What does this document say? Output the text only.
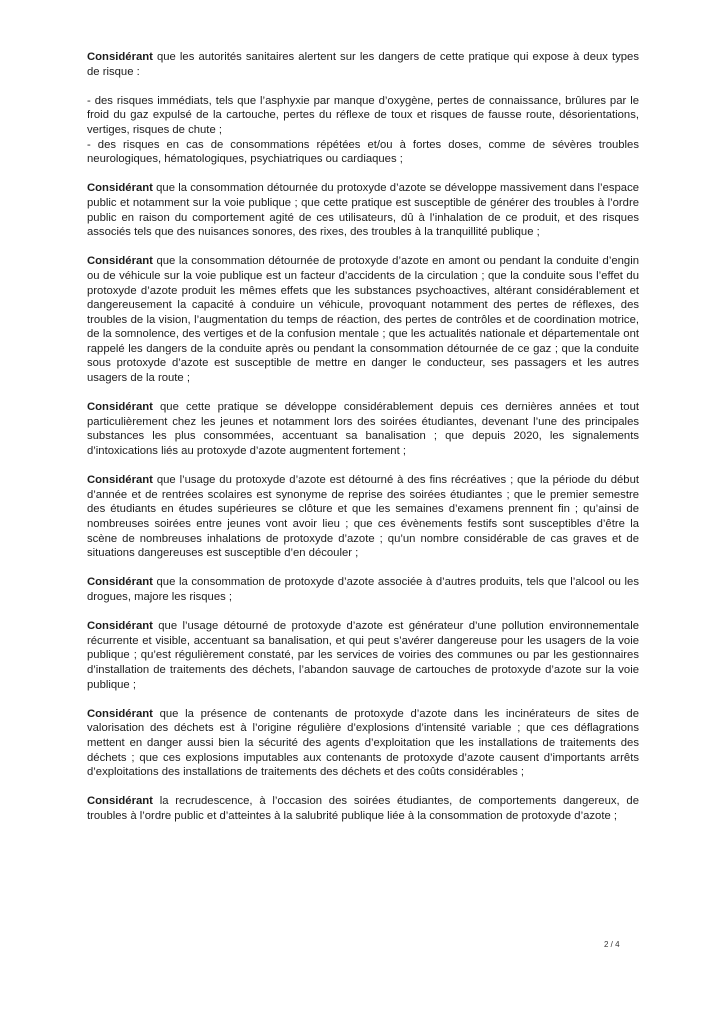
Considérant que les autorités sanitaires alertent sur les dangers de cette pratique qui expose à deux types de risque :

- des risques immédiats, tels que l’asphyxie par manque d’oxygène, pertes de connaissance, brûlures par le froid du gaz expulsé de la cartouche, pertes du réflexe de toux et risques de fausse route, désorientations, vertiges, risques de chute ;

- des risques en cas de consommations répétées et/ou à fortes doses, comme de sévères troubles neurologiques, hématologiques, psychiatriques ou cardiaques ;

Considérant que la consommation détournée du protoxyde d’azote se développe massivement dans l’espace public et notamment sur la voie publique ; que cette pratique est susceptible de générer des troubles à l’ordre public en raison du comportement agité de ces utilisateurs, dû à l’inhalation de ce produit, et des risques associés tels que des nuisances sonores, des rixes, des troubles à la tranquillité publique ;

Considérant que la consommation détournée de protoxyde d’azote en amont ou pendant la conduite d’engin ou de véhicule sur la voie publique est un facteur d’accidents de la circulation ; que la conduite sous l’effet du protoxyde d’azote produit les mêmes effets que les substances psychoactives, altérant considérablement et dangereusement la capacité à conduire un véhicule, provoquant notamment des pertes de réflexes, des troubles de la vision, l’augmentation du temps de réaction, des pertes de contrôles et de coordination motrice, de la somnolence, des vertiges et de la confusion mentale ; que les actualités nationale et départementale ont rappelé les dangers de la conduite après ou pendant la consommation détournée de ce gaz ; que la conduite sous protoxyde d’azote est susceptible de mettre en danger le conducteur, ses passagers et les autres usagers de la route ;

Considérant que cette pratique se développe considérablement depuis ces dernières années et tout particulièrement chez les jeunes et notamment lors des soirées étudiantes, devenant l’une des principales substances les plus consommées, accentuant sa banalisation ; que depuis 2020, les signalements d’intoxications liés au protoxyde d’azote augmentent fortement ;

Considérant que l’usage du protoxyde d’azote est détourné à des fins récréatives ; que la période du début d’année et de rentrées scolaires est synonyme de reprise des soirées étudiantes ; que le premier semestre des étudiants en études supérieures se clôture et que les semaines d’examens prennent fin ; qu’ainsi de nombreuses soirées entre jeunes vont avoir lieu ; que ces évènements festifs sont susceptibles d’être la scène de nombreuses inhalations de protoxyde d’azote ; qu’un nombre considérable de cas graves et de situations dangereuses est susceptible d’en découler ;

Considérant que la consommation de protoxyde d’azote associée à d’autres produits, tels que l’alcool ou les drogues, majore les risques ;

Considérant que l’usage détourné de protoxyde d’azote est générateur d’une pollution environnementale récurrente et visible, accentuant sa banalisation, et qui peut s’avérer dangereuse pour les usagers de la voie publique ; qu’est régulièrement constaté, par les services de voiries des communes ou par les gestionnaires d’installation de traitements des déchets, l’abandon sauvage de cartouches de protoxyde d’azote sur la voie publique ;

Considérant que la présence de contenants de protoxyde d’azote dans les incinérateurs de sites de valorisation des déchets est à l’origine régulière d’explosions d’intensité variable ; que ces déflagrations mettent en danger aussi bien la sécurité des agents d’exploitation que les installations de traitements des déchets ; que ces explosions imputables aux contenants de protoxyde d’azote causent d’importants arrêts d’exploitations des installations de traitements des déchets et des coûts considérables ;

Considérant la recrudescence, à l’occasion des soirées étudiantes, de comportements dangereux, de troubles à l’ordre public et d’atteintes à la salubrité publique liée à la consommation de protoxyde d’azote ;

2 / 4
